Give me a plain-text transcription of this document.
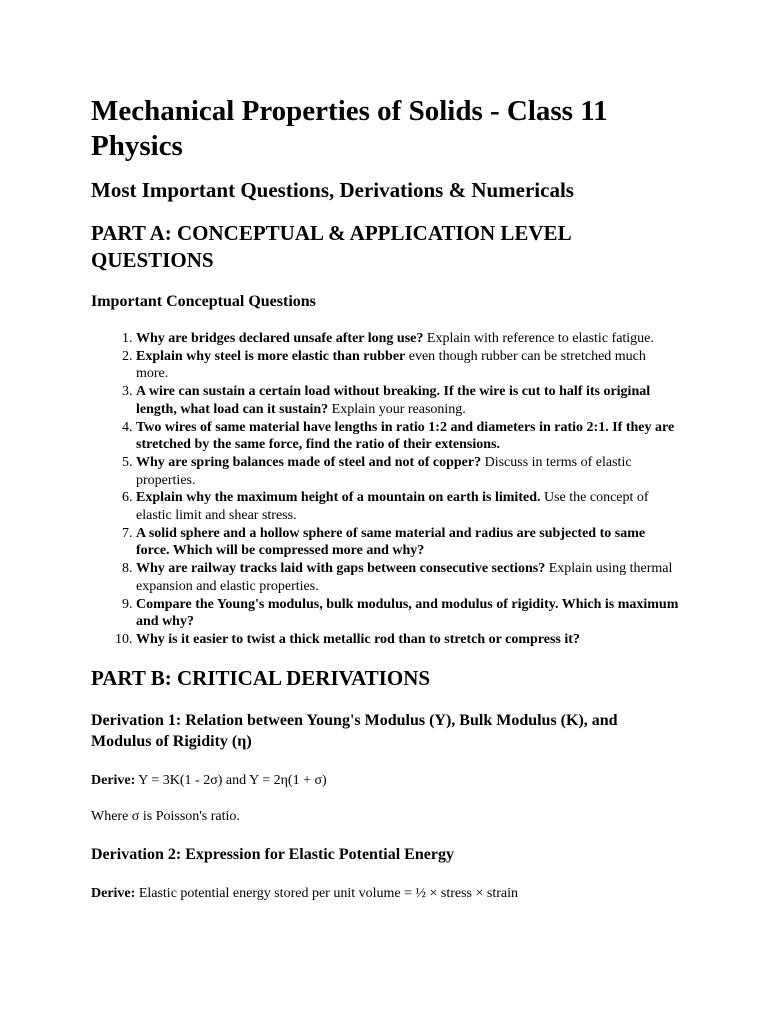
Mechanical Properties of Solids - Class 11 Physics
Most Important Questions, Derivations & Numericals
PART A: CONCEPTUAL & APPLICATION LEVEL QUESTIONS
Important Conceptual Questions
1. Why are bridges declared unsafe after long use? Explain with reference to elastic fatigue.
2. Explain why steel is more elastic than rubber even though rubber can be stretched much more.
3. A wire can sustain a certain load without breaking. If the wire is cut to half its original length, what load can it sustain? Explain your reasoning.
4. Two wires of same material have lengths in ratio 1:2 and diameters in ratio 2:1. If they are stretched by the same force, find the ratio of their extensions.
5. Why are spring balances made of steel and not of copper? Discuss in terms of elastic properties.
6. Explain why the maximum height of a mountain on earth is limited. Use the concept of elastic limit and shear stress.
7. A solid sphere and a hollow sphere of same material and radius are subjected to same force. Which will be compressed more and why?
8. Why are railway tracks laid with gaps between consecutive sections? Explain using thermal expansion and elastic properties.
9. Compare the Young's modulus, bulk modulus, and modulus of rigidity. Which is maximum and why?
10. Why is it easier to twist a thick metallic rod than to stretch or compress it?
PART B: CRITICAL DERIVATIONS
Derivation 1: Relation between Young's Modulus (Y), Bulk Modulus (K), and Modulus of Rigidity (η)

Derive: Y = 3K(1 - 2σ) and Y = 2η(1 + σ)

Where σ is Poisson's ratio.

Derivation 2: Expression for Elastic Potential Energy

Derive: Elastic potential energy stored per unit volume = ½ × stress × strain
